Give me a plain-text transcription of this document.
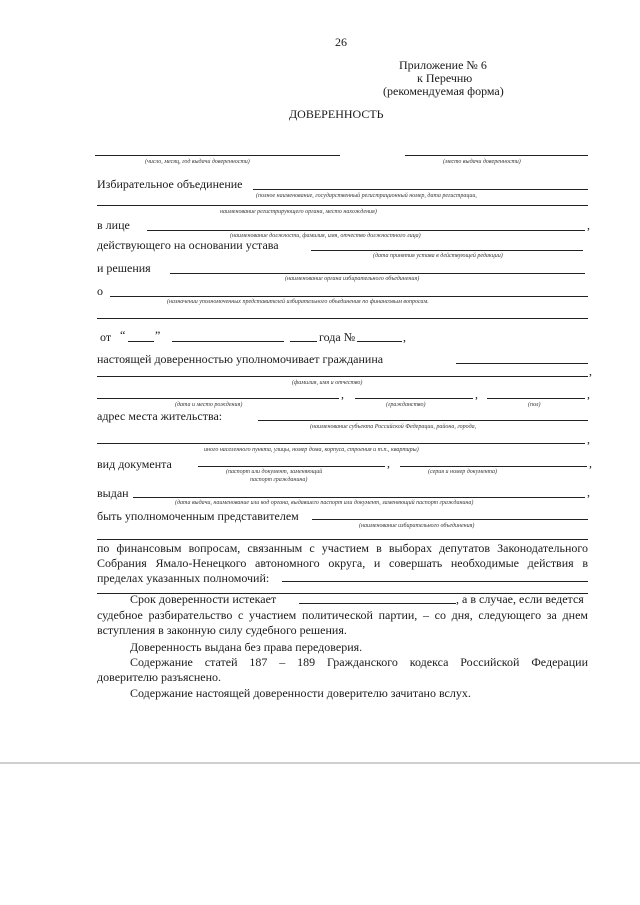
26
Приложение № 6
к Перечню
(рекомендуемая форма)
ДОВЕРЕННОСТЬ
(число, месяц, год выдачи доверенности)	(место выдачи доверенности)
Избирательное объединение
(полное наименование, государственный регистрационный номер, дата регистрации,
наименование регистрирующего органа, место нахождения)
в лице	,
(наименование должности, фамилия, имя, отчество должностного лица)
действующего на основании устава
(дата принятия устава в действующей редакции)
и решения
(наименование органа избирательного объединения)
о
(назначении уполномоченных представителей избирательного объединения по финансовым вопросам.
от “ ”	года №	,
настоящей доверенностью уполномочивает гражданина
,
(фамилия, имя и отчество)
,	,	,
(дата и место рождения)	(гражданство)	(пол)
адрес места жительства:
(наименование субъекта Российской Федерации, района, города,
,
иного населенного пункта, улицы, номер дома, корпуса, строения и т.п., квартиры)
вид документа	,	,
(паспорт или документ, заменяющий
паспорт гражданина)
(серия и номер документа)
выдан	,
(дата выдачи, наименование или код органа, выдавшего паспорт или документ, заменяющий паспорт гражданина)
быть уполномоченным представителем
(наименование избирательного объединения)
по финансовым вопросам, связанным с участием в выборах депутатов Законодательного
Собрания Ямало-Ненецкого автономного округа, и совершать необходимые действия в
пределах указанных полномочий:
Срок доверенности истекает	, а в случае, если ведется
судебное разбирательство с участием политической партии, – со дня, следующего за днем
вступления в законную силу судебного решения.
Доверенность выдана без права передоверия.
Содержание статей 187 – 189 Гражданского кодекса Российской Федерации
доверителю разъяснено.
Содержание настоящей доверенности доверителю зачитано вслух.
